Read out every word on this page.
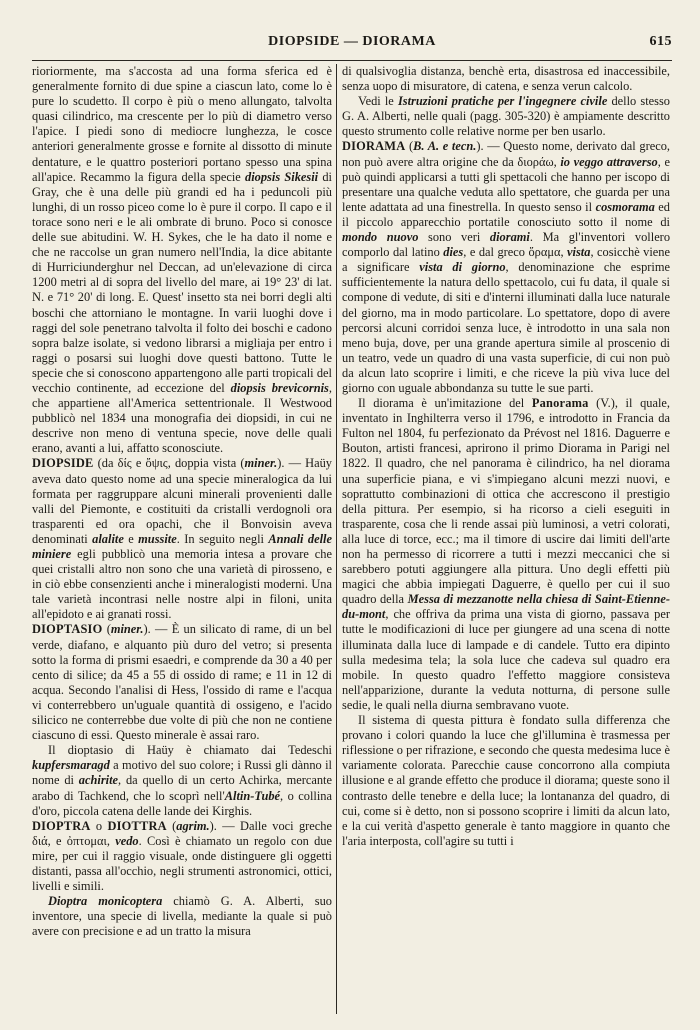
DIOPSIDE — DIORAMA	615

rioriormente, ma s'accosta ad una forma sferica ed è generalmente fornito di due spine a ciascun lato, come lo è pure lo scudetto. Il corpo è più o meno allungato, talvolta quasi cilindrico, ma crescente per lo più di diametro verso l'apice. I piedi sono di mediocre lunghezza, le cosce anteriori generalmente grosse e fornite al dissotto di minute dentature, e le quattro posteriori portano spesso una spina all'apice. Recammo la figura della specie diopsis Sikesii di Gray, che è una delle più grandi ed ha i peduncoli più lunghi, di un rosso piceo come lo è pure il corpo. Il capo e il torace sono neri e le ali ombrate di bruno. Poco si conosce delle sue abitudini. W. H. Sykes, che le ha dato il nome e che ne raccolse un gran numero nell'India, la dice abitante di Hurriciunderghur nel Deccan, ad un'elevazione di circa 1200 metri al di sopra del livello del mare, ai 19° 23' di lat. N. e 71° 20' di long. E. Quest' insetto sta nei borri degli alti boschi che attorniano le montagne. In varii luoghi dove i raggi del sole penetrano talvolta il folto dei boschi e cadono sopra balze isolate, si vedono librarsi a migliaja per entro i raggi o posarsi sui luoghi dove questi battono. Tutte le specie che si conoscono appartengono alle parti tropicali del vecchio continente, ad eccezione del diopsis brevicornis, che appartiene all'America settentrionale. Il Westwood pubblicò nel 1834 una monografia dei diopsidi, in cui ne descrive non meno di ventuna specie, nove delle quali erano, avanti a lui, affatto sconosciute.

DIOPSIDE (da δίς e ὄψις, doppia vista (miner.). — Haüy aveva dato questo nome ad una specie mineralogica da lui formata per raggruppare alcuni minerali provenienti dalle valli del Piemonte, e costituiti da cristalli verdognoli ora trasparenti ed ora opachi, che il Bonvoisin aveva denominati alalite e mussite. In seguito negli Annali delle miniere egli pubblicò una memoria intesa a provare che quei cristalli altro non sono che una varietà di pirosseno, e in ciò ebbe consenzienti anche i mineralogisti moderni. Una tale varietà incontrasi nelle nostre alpi in filoni, unita all'epidoto e ai granati rossi.

DIOPTASIO (miner.). — È un silicato di rame, di un bel verde, diafano, e alquanto più duro del vetro; si presenta sotto la forma di prismi esaedri, e comprende da 30 a 40 per cento di silice; da 45 a 55 di ossido di rame; e 11 in 12 di acqua. Secondo l'analisi di Hess, l'ossido di rame e l'acqua vi conterrebbero un'uguale quantità di ossigeno, e l'acido silicico ne conterrebbe due volte di più che non ne contiene ciascuno di essi. Questo minerale è assai raro.

Il dioptasio di Haüy è chiamato dai Tedeschi kupfersmaragd a motivo del suo colore; i Russi gli dànno il nome di achirite, da quello di un certo Achirka, mercante arabo di Tachkend, che lo scoprì nell'Altin-Tubé, o collina d'oro, piccola catena delle lande dei Kirghis.

DIOPTRA o DIOTTRA (agrim.). — Dalle voci greche διά, e ὀπτομαι, vedo. Così è chiamato un regolo con due mire, per cui il raggio visuale, onde distinguere gli oggetti distanti, passa all'occhio, negli strumenti astronomici, ottici, livelli e simili.

Dioptra monicoptera chiamò G. A. Alberti, suo inventore, una specie di livella, mediante la quale si può avere con precisione e ad un tratto la misura

di qualsivoglia distanza, benchè erta, disastrosa ed inaccessibile, senza uopo di misuratore, di catena, e senza verun calcolo.

Vedi le Istruzioni pratiche per l'ingegnere civile dello stesso G. A. Alberti, nelle quali (pagg. 305-320) è ampiamente descritto questo strumento colle relative norme per ben usarlo.

DIORAMA (B. A. e tecn.). — Questo nome, derivato dal greco, non può avere altra origine che da διοράω, io veggo attraverso, e può quindi applicarsi a tutti gli spettacoli che hanno per iscopo di presentare una qualche veduta allo spettatore, che guarda per una lente adattata ad una finestrella. In questo senso il cosmorama ed il piccolo apparecchio portatile conosciuto sotto il nome di mondo nuovo sono veri diorami. Ma gl'inventori vollero comporlo dal latino dies, e dal greco ὅραμα, vista, cosicchè viene a significare vista di giorno, denominazione che esprime sufficientemente la natura dello spettacolo, cui fu data, il quale si compone di vedute, di siti e d'interni illuminati dalla luce naturale del giorno, ma in modo particolare. Lo spettatore, dopo di avere percorsi alcuni corridoi senza luce, è introdotto in una sala non meno buja, dove, per una grande apertura simile al proscenio di un teatro, vede un quadro di una vasta superficie, di cui non può da alcun lato scoprire i limiti, e che riceve la più viva luce del giorno con uguale abbondanza su tutte le sue parti.

Il diorama è un'imitazione del Panorama (V.), il quale, inventato in Inghilterra verso il 1796, e introdotto in Francia da Fulton nel 1804, fu perfezionato da Prévost nel 1816. Daguerre e Bouton, artisti francesi, aprirono il primo Diorama in Parigi nel 1822. Il quadro, che nel panorama è cilindrico, ha nel diorama una superficie piana, e vi s'impiegano alcuni mezzi nuovi, e soprattutto combinazioni di ottica che accrescono il prestigio della pittura. Per esempio, si ha ricorso a cieli eseguiti in trasparente, cosa che li rende assai più luminosi, a vetri colorati, alla luce di torce, ecc.; ma il timore di uscire dai limiti dell'arte non ha permesso di ricorrere a tutti i mezzi meccanici che si sarebbero potuti aggiungere alla pittura. Uno degli effetti più magici che abbia impiegati Daguerre, è quello per cui il suo quadro della Messa di mezzanotte nella chiesa di Saint-Etienne-du-mont, che offriva da prima una vista di giorno, passava per tutte le modificazioni di luce per giungere ad una scena di notte illuminata dalla luce di lampade e di candele. Tutto era dipinto sulla medesima tela; la sola luce che cadeva sul quadro era mobile. In questo quadro l'effetto maggiore consisteva nell'apparizione, durante la veduta notturna, di persone sulle sedie, le quali nella diurna sembravano vuote.

Il sistema di questa pittura è fondato sulla differenza che provano i colori quando la luce che gl'illumina è trasmessa per riflessione o per rifrazione, e secondo che questa medesima luce è variamente colorata. Parecchie cause concorrono alla compiuta illusione e al grande effetto che produce il diorama; queste sono il contrasto delle tenebre e della luce; la lontananza del quadro, di cui, come si è detto, non si possono scoprire i limiti da alcun lato, e la cui verità d'aspetto generale è tanto maggiore in quanto che l'aria interposta, coll'agire su tutti i
